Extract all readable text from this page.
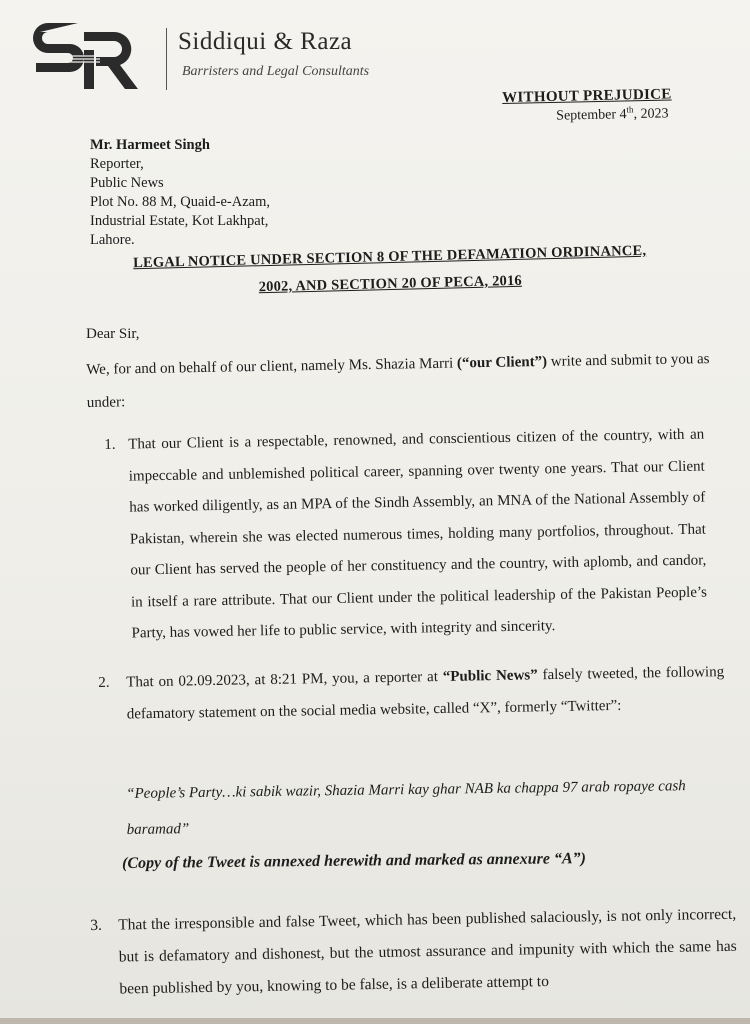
Siddiqui & Raza
Barristers and Legal Consultants
WITHOUT PREJUDICE
September 4th, 2023
Mr. Harmeet Singh
Reporter,
Public News
Plot No. 88 M, Quaid-e-Azam,
Industrial Estate, Kot Lakhpat,
Lahore.
LEGAL NOTICE UNDER SECTION 8 OF THE DEFAMATION ORDINANCE,
2002, AND SECTION 20 OF PECA, 2016
Dear Sir,
We, for and on behalf of our client, namely Ms. Shazia Marri (“our Client”) write and submit to you as under:
1. That our Client is a respectable, renowned, and conscientious citizen of the country, with an impeccable and unblemished political career, spanning over twenty one years. That our Client has worked diligently, as an MPA of the Sindh Assembly, an MNA of the National Assembly of Pakistan, wherein she was elected numerous times, holding many portfolios, throughout. That our Client has served the people of her constituency and the country, with aplomb, and candor, in itself a rare attribute. That our Client under the political leadership of the Pakistan People’s Party, has vowed her life to public service, with integrity and sincerity.
2. That on 02.09.2023, at 8:21 PM, you, a reporter at “Public News” falsely tweeted, the following defamatory statement on the social media website, called “X”, formerly “Twitter”:
“People’s Party…ki sabik wazir, Shazia Marri kay ghar NAB ka chappa 97 arab ropaye cash baramad”
(Copy of the Tweet is annexed herewith and marked as annexure “A”)
3. That the irresponsible and false Tweet, which has been published salaciously, is not only incorrect, but is defamatory and dishonest, but the utmost assurance and impunity with which the same has been published by you, knowing to be false, is a deliberate attempt to
